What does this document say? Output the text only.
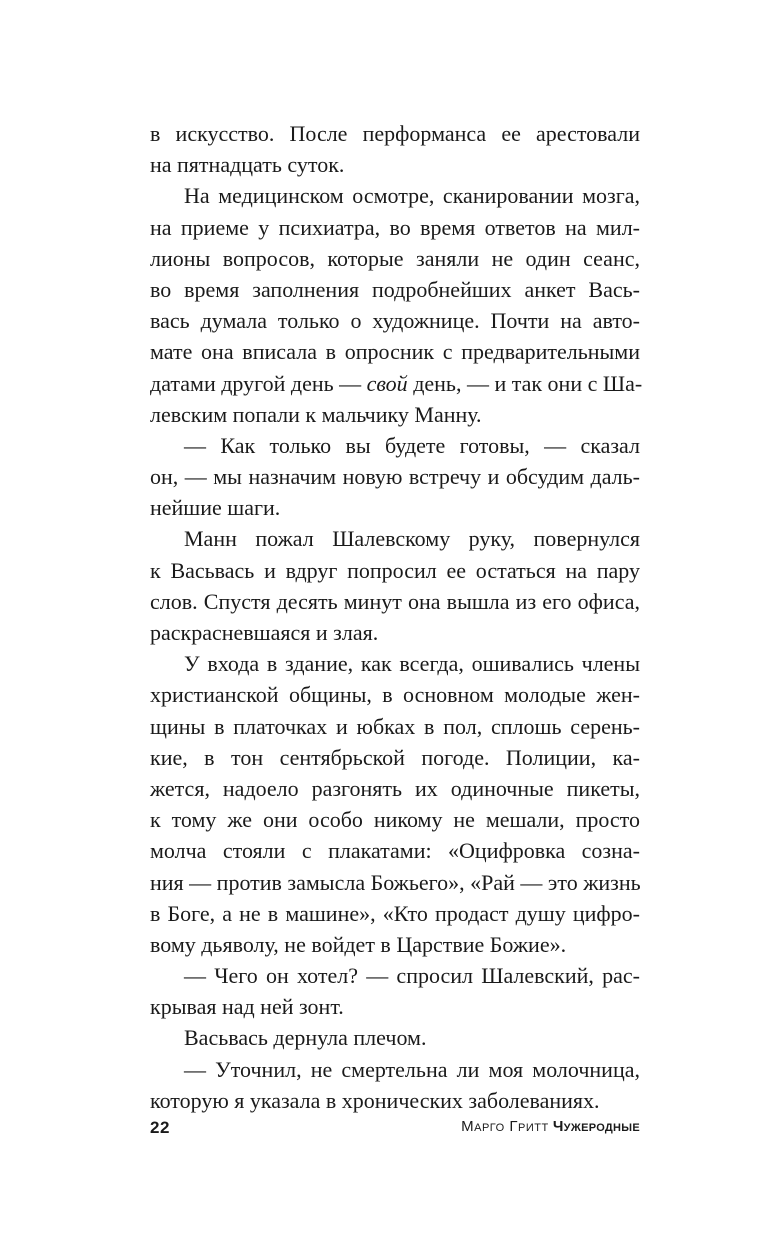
в искусство. После перформанса ее арестовали
на пятнадцать суток.
На медицинском осмотре, сканировании мозга,
на приеме у психиатра, во время ответов на мил-
лионы вопросов, которые заняли не один сеанс,
во время заполнения подробнейших анкет Вась-
вась думала только о художнице. Почти на авто-
мате она вписала в опросник с предварительными
датами другой день — свой день, — и так они с Ша-
левским попали к мальчику Манну.
— Как только вы будете готовы, — сказал
он, — мы назначим новую встречу и обсудим даль-
нейшие шаги.
Манн пожал Шалевскому руку, повернулся
к Васьвась и вдруг попросил ее остаться на пару
слов. Спустя десять минут она вышла из его офиса,
раскрасневшаяся и злая.
У входа в здание, как всегда, ошивались члены
христианской общины, в основном молодые жен-
щины в платочках и юбках в пол, сплошь серень-
кие, в тон сентябрьской погоде. Полиции, ка-
жется, надоело разгонять их одиночные пикеты,
к тому же они особо никому не мешали, просто
молча стояли с плакатами: «Оцифровка созна-
ния — против замысла Божьего», «Рай — это жизнь
в Боге, а не в машине», «Кто продаст душу цифро-
вому дьяволу, не войдет в Царствие Божие».
— Чего он хотел? — спросил Шалевский, рас-
крывая над ней зонт.
Васьвась дернула плечом.
— Уточнил, не смертельна ли моя молочница,
которую я указала в хронических заболеваниях.
22	Марго Гритт Чужеродные
